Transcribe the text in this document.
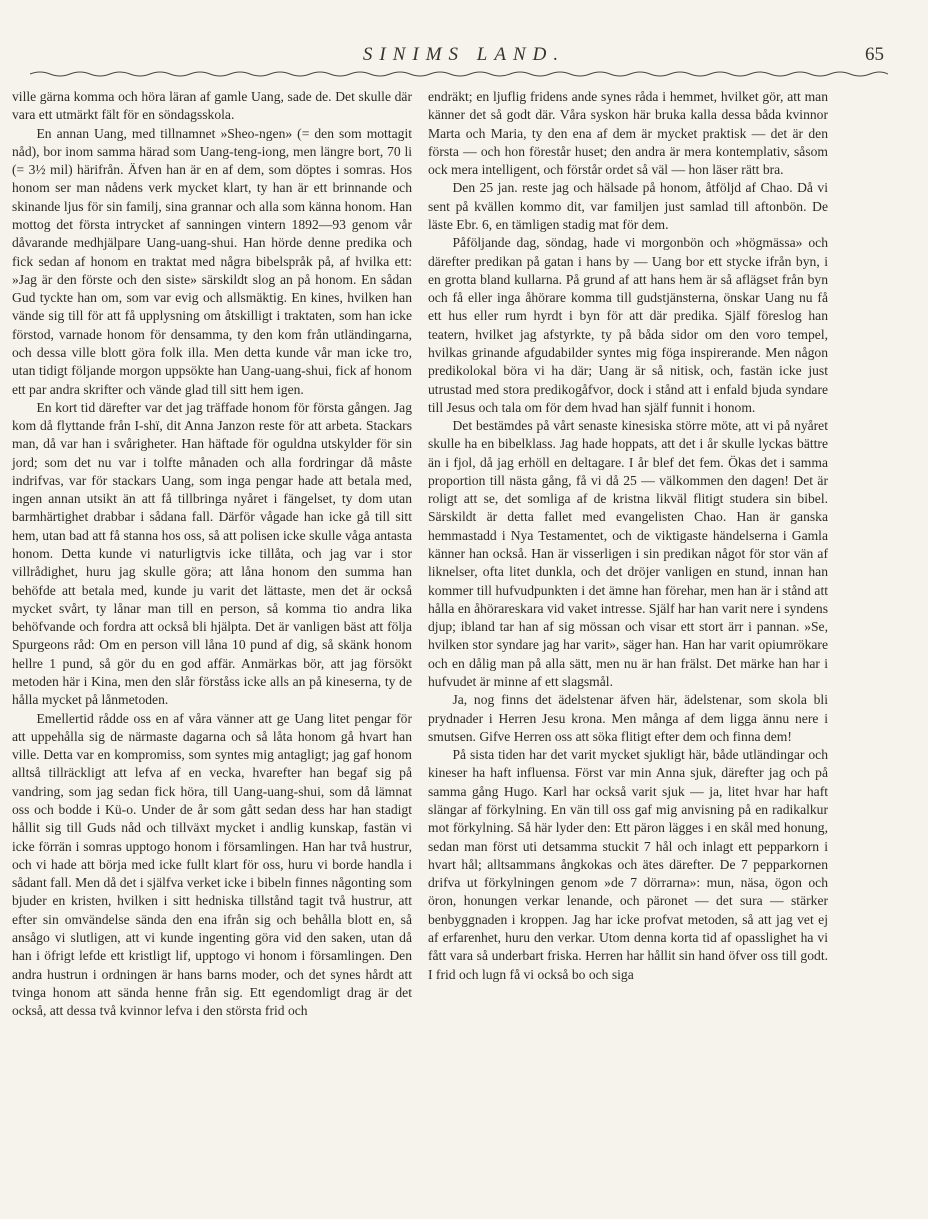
SINIMS LAND.	65

ville gärna komma och höra läran af gamle Uang, sade de. Det skulle där vara ett utmärkt fält för en söndagsskola.

En annan Uang, med tillnamnet »Sheo-ngen» (= den som mottagit nåd), bor inom samma härad som Uang-teng-iong, men längre bort, 70 li (= 3½ mil) härifrån. Äfven han är en af dem, som döptes i somras. Hos honom ser man nådens verk mycket klart, ty han är ett brinnande och skinande ljus för sin familj, sina grannar och alla som känna honom. Han mottog det första intrycket af sanningen vintern 1892—93 genom vår dåvarande medhjälpare Uang-uang-shui. Han hörde denne predika och fick sedan af honom en traktat med några bibelspråk på, af hvilka ett: »Jag är den förste och den siste» särskildt slog an på honom. En sådan Gud tyckte han om, som var evig och allsmäktig. En kines, hvilken han vände sig till för att få upplysning om åtskilligt i traktaten, som han icke förstod, varnade honom för densamma, ty den kom från utländingarna, och dessa ville blott göra folk illa. Men detta kunde vår man icke tro, utan tidigt följande morgon uppsökte han Uang-uang-shui, fick af honom ett par andra skrifter och vände glad till sitt hem igen.

En kort tid därefter var det jag träffade honom för första gången. Jag kom då flyttande från I-shï, dit Anna Janzon reste för att arbeta. Stackars man, då var han i svårigheter. Han häftade för oguldna utskylder för sin jord; som det nu var i tolfte månaden och alla fordringar då måste indrifvas, var för stackars Uang, som inga pengar hade att betala med, ingen annan utsikt än att få tillbringa nyåret i fängelset, ty dom utan barmhärtighet drabbar i sådana fall. Därför vågade han icke gå till sitt hem, utan bad att få stanna hos oss, så att polisen icke skulle våga antasta honom. Detta kunde vi naturligtvis icke tillåta, och jag var i stor villrådighet, huru jag skulle göra; att låna honom den summa han behöfde att betala med, kunde ju varit det lättaste, men det är också mycket svårt, ty lånar man till en person, så komma tio andra lika behöfvande och fordra att också bli hjälpta. Det är vanligen bäst att följa Spurgeons råd: Om en person vill låna 10 pund af dig, så skänk honom hellre 1 pund, så gör du en god affär. Anmärkas bör, att jag försökt metoden här i Kina, men den slår förståss icke alls an på kineserna, ty de hålla mycket på lånmetoden.

Emellertid rådde oss en af våra vänner att ge Uang litet pengar för att uppehålla sig de närmaste dagarna och så låta honom gå hvart han ville. Detta var en kompromiss, som syntes mig antagligt; jag gaf honom alltså tillräckligt att lefva af en vecka, hvarefter han begaf sig på vandring, som jag sedan fick höra, till Uang-uang-shui, som då lämnat oss och bodde i Kü-o. Under de år som gått sedan dess har han stadigt hållit sig till Guds nåd och tillväxt mycket i andlig kunskap, fastän vi icke förrän i somras upptogo honom i församlingen. Han har två hustrur, och vi hade att börja med icke fullt klart för oss, huru vi borde handla i sådant fall. Men då det i själfva verket icke i bibeln finnes någonting som bjuder en kristen, hvilken i sitt hedniska tillstånd tagit två hustrur, att efter sin omvändelse sända den ena ifrån sig och behålla blott en, så ansågo vi slutligen, att vi kunde ingenting göra vid den saken, utan då han i öfrigt lefde ett kristligt lif, upptogo vi honom i församlingen. Den andra hustrun i ordningen är hans barns moder, och det synes hårdt att tvinga honom att sända henne från sig. Ett egendomligt drag är det också, att dessa två kvinnor lefva i den största frid och

endräkt; en ljuflig fridens ande synes råda i hemmet, hvilket gör, att man känner det så godt där. Våra syskon här bruka kalla dessa båda kvinnor Marta och Maria, ty den ena af dem är mycket praktisk — det är den första — och hon förestår huset; den andra är mera kontemplativ, såsom ock mera intelligent, och förstår ordet så väl — hon läser rätt bra.

Den 25 jan. reste jag och hälsade på honom, åtföljd af Chao. Då vi sent på kvällen kommo dit, var familjen just samlad till aftonbön. De läste Ebr. 6, en tämligen stadig mat för dem.

Påföljande dag, söndag, hade vi morgonbön och »högmässa» och därefter predikan på gatan i hans by — Uang bor ett stycke ifrån byn, i en grotta bland kullarna. På grund af att hans hem är så aflägset från byn och få eller inga åhörare komma till gudstjänsterna, önskar Uang nu få ett hus eller rum hyrdt i byn för att där predika. Själf föreslog han teatern, hvilket jag afstyrkte, ty på båda sidor om den voro tempel, hvilkas grinande afgudabilder syntes mig föga inspirerande. Men någon predikolokal böra vi ha där; Uang är så nitisk, och, fastän icke just utrustad med stora predikogåfvor, dock i stånd att i enfald bjuda syndare till Jesus och tala om för dem hvad han själf funnit i honom.

Det bestämdes på vårt senaste kinesiska större möte, att vi på nyåret skulle ha en bibelklass. Jag hade hoppats, att det i år skulle lyckas bättre än i fjol, då jag erhöll en deltagare. I år blef det fem. Ökas det i samma proportion till nästa gång, få vi då 25 — välkommen den dagen! Det är roligt att se, det somliga af de kristna likväl flitigt studera sin bibel. Särskildt är detta fallet med evangelisten Chao. Han är ganska hemmastadd i Nya Testamentet, och de viktigaste händelserna i Gamla känner han också. Han är visserligen i sin predikan något för stor vän af liknelser, ofta litet dunkla, och det dröjer vanligen en stund, innan han kommer till hufvudpunkten i det ämne han förehar, men han är i stånd att hålla en åhörareskara vid vaket intresse. Själf har han varit nere i syndens djup; ibland tar han af sig mössan och visar ett stort ärr i pannan. »Se, hvilken stor syndare jag har varit», säger han. Han har varit opiumrökare och en dålig man på alla sätt, men nu är han frälst. Det märke han har i hufvudet är minne af ett slagsmål.

Ja, nog finns det ädelstenar äfven här, ädelstenar, som skola bli prydnader i Herren Jesu krona. Men många af dem ligga ännu nere i smutsen. Gifve Herren oss att söka flitigt efter dem och finna dem!

På sista tiden har det varit mycket sjukligt här, både utländingar och kineser ha haft influensa. Först var min Anna sjuk, därefter jag och på samma gång Hugo. Karl har också varit sjuk — ja, litet hvar har haft slängar af förkylning. En vän till oss gaf mig anvisning på en radikalkur mot förkylning. Så här lyder den: Ett päron lägges i en skål med honung, sedan man först uti detsamma stuckit 7 hål och inlagt ett pepparkorn i hvart hål; alltsammans ångkokas och ätes därefter. De 7 pepparkornen drifva ut förkylningen genom »de 7 dörrarna»: mun, näsa, ögon och öron, honungen verkar lenande, och päronet — det sura — stärker benbyggnaden i kroppen. Jag har icke profvat metoden, så att jag vet ej af erfarenhet, huru den verkar. Utom denna korta tid af opasslighet ha vi fått vara så underbart friska. Herren har hållit sin hand öfver oss till godt. I frid och lugn få vi också bo och siga
